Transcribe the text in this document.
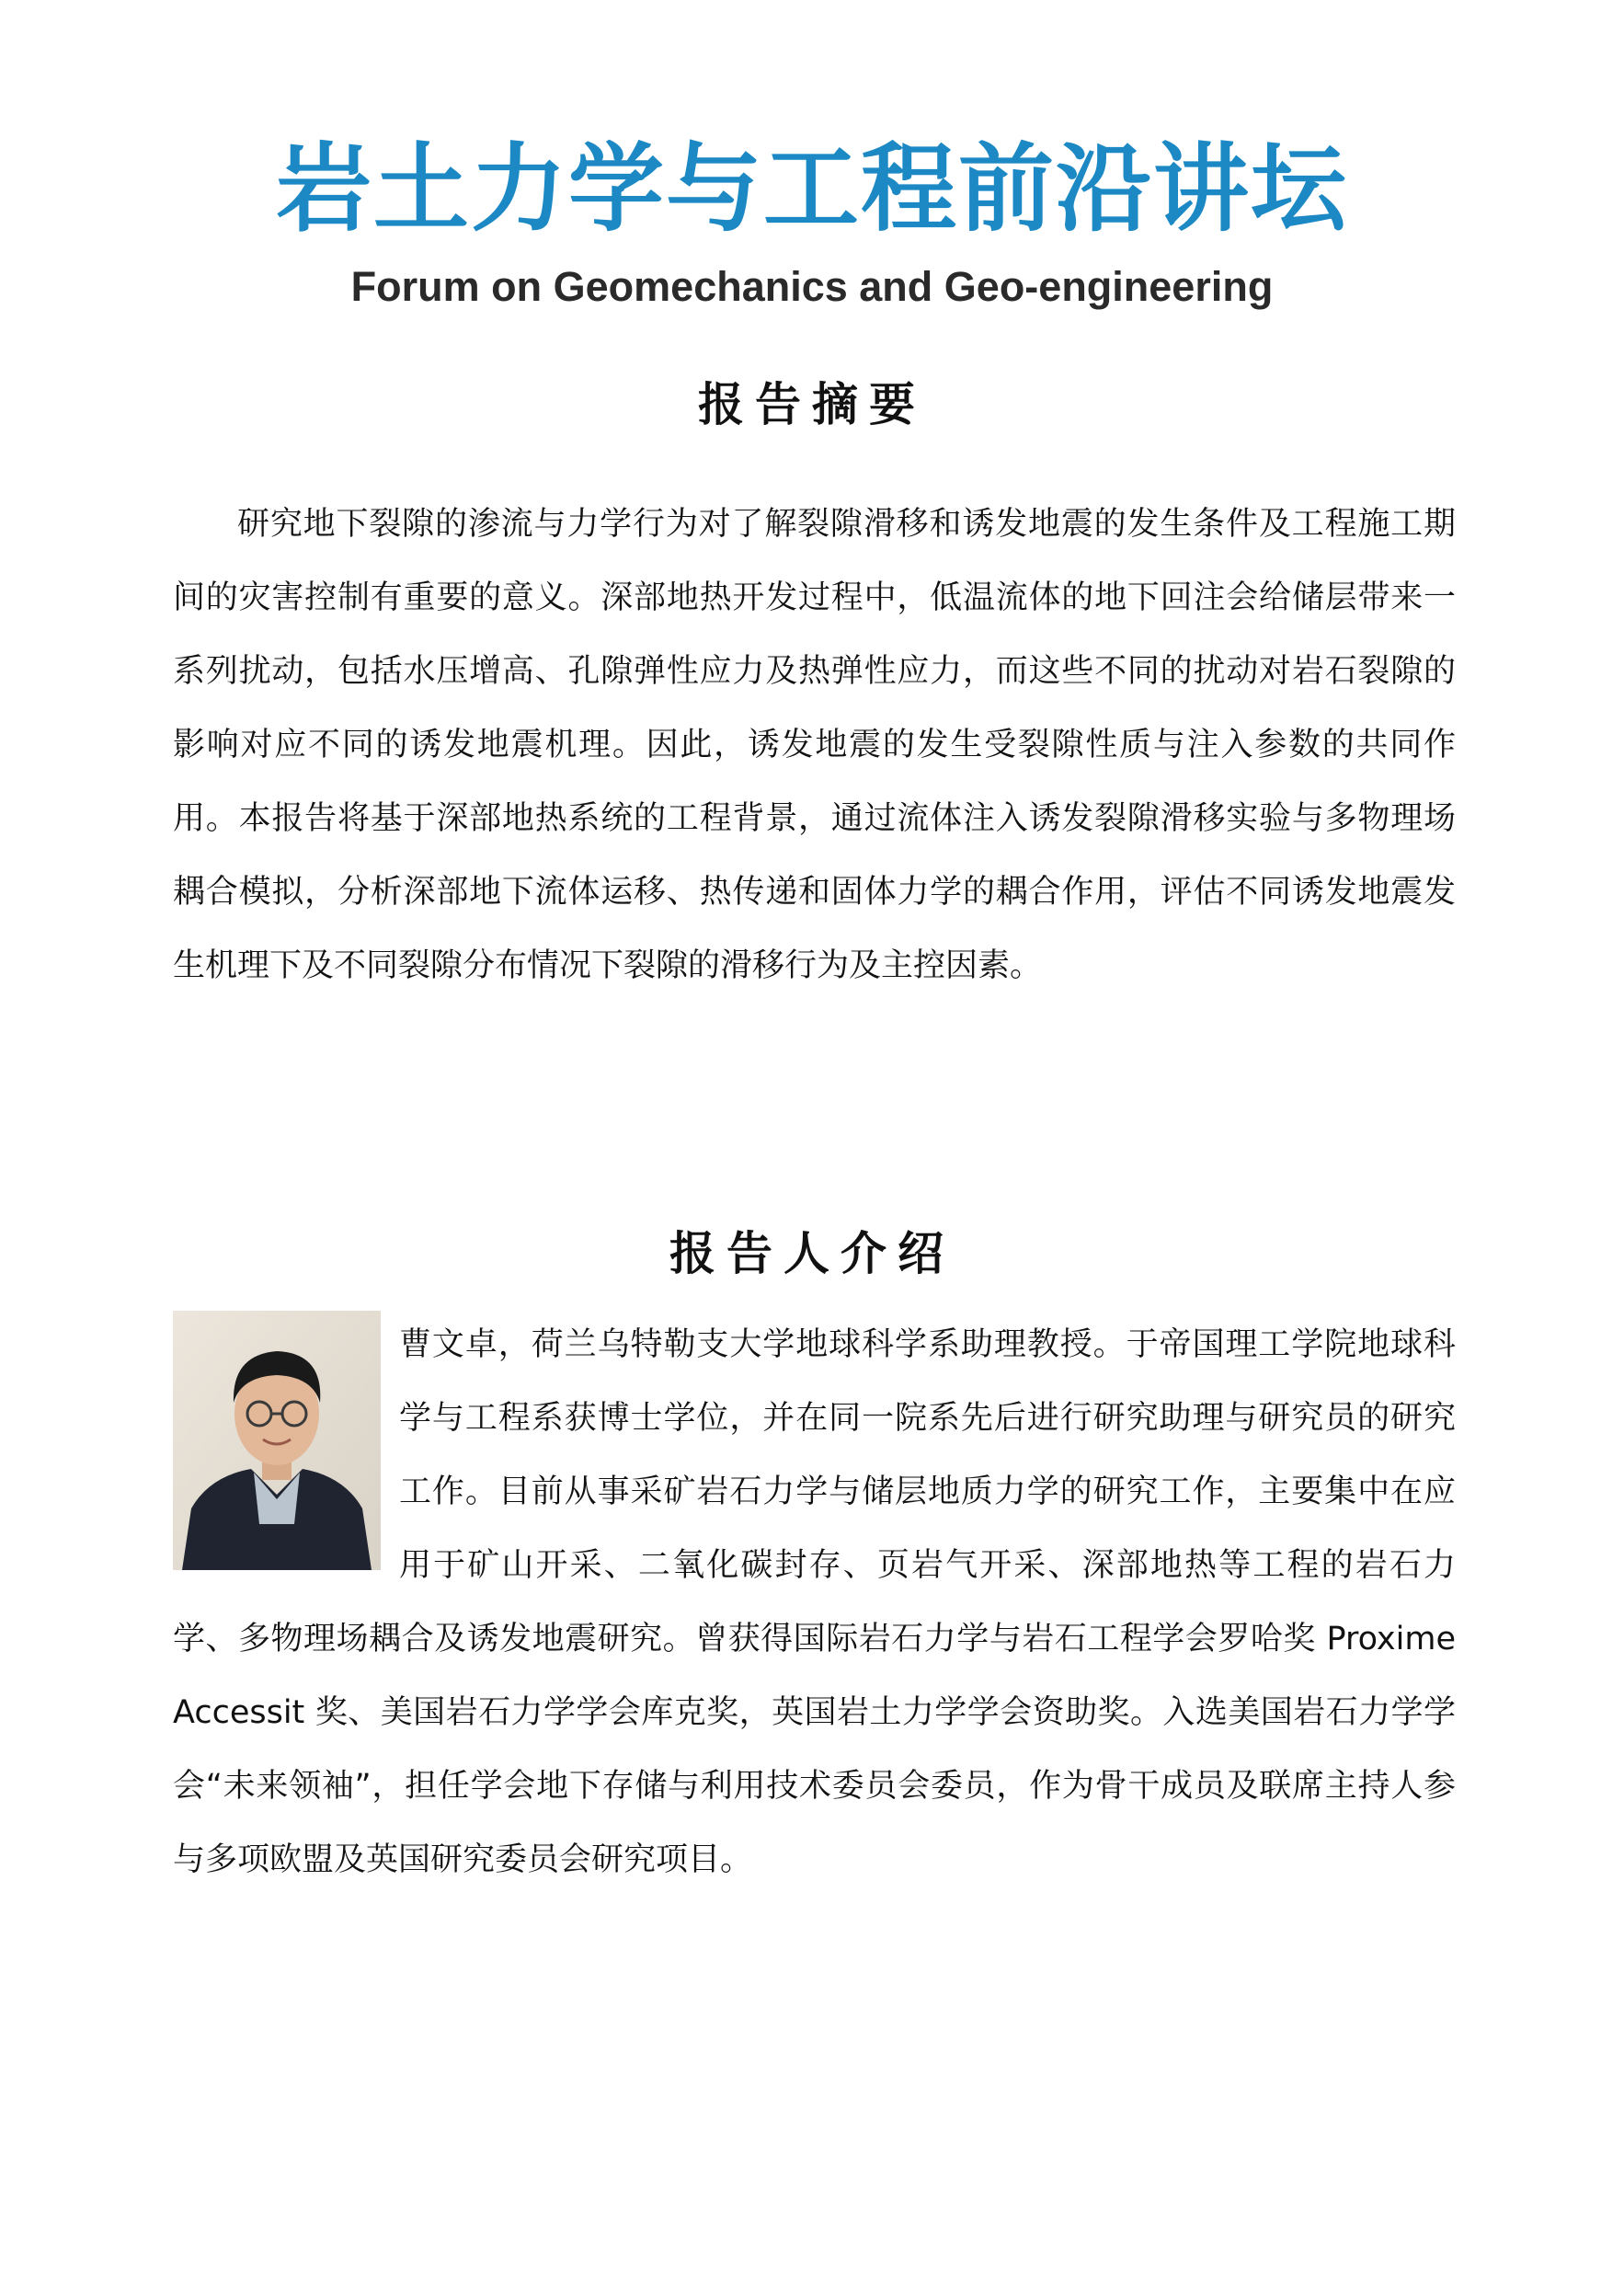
岩土力学与工程前沿讲坛
Forum on Geomechanics and Geo-engineering
报告摘要

研究地下裂隙的渗流与力学行为对了解裂隙滑移和诱发地震的发生条件及工程施工期间的灾害控制有重要的意义。深部地热开发过程中，低温流体的地下回注会给储层带来一系列扰动，包括水压增高、孔隙弹性应力及热弹性应力，而这些不同的扰动对岩石裂隙的影响对应不同的诱发地震机理。因此，诱发地震的发生受裂隙性质与注入参数的共同作用。本报告将基于深部地热系统的工程背景，通过流体注入诱发裂隙滑移实验与多物理场耦合模拟，分析深部地下流体运移、热传递和固体力学的耦合作用，评估不同诱发地震发生机理下及不同裂隙分布情况下裂隙的滑移行为及主控因素。

报告人介绍
曹文卓，荷兰乌特勒支大学地球科学系助理教授。于帝国理工学院地球科学与工程系获博士学位，并在同一院系先后进行研究助理与研究员的研究工作。目前从事采矿岩石力学与储层地质力学的研究工作，主要集中在应用于矿山开采、二氧化碳封存、页岩气开采、深部地热等工程的岩石力学、多物理场耦合及诱发地震研究。曾获得国际岩石力学与岩石工程学会罗哈奖 Proxime Accessit 奖、美国岩石力学学会库克奖，英国岩土力学学会资助奖。入选美国岩石力学学会“未来领袖”，担任学会地下存储与利用技术委员会委员，作为骨干成员及联席主持人参与多项欧盟及英国研究委员会研究项目。
